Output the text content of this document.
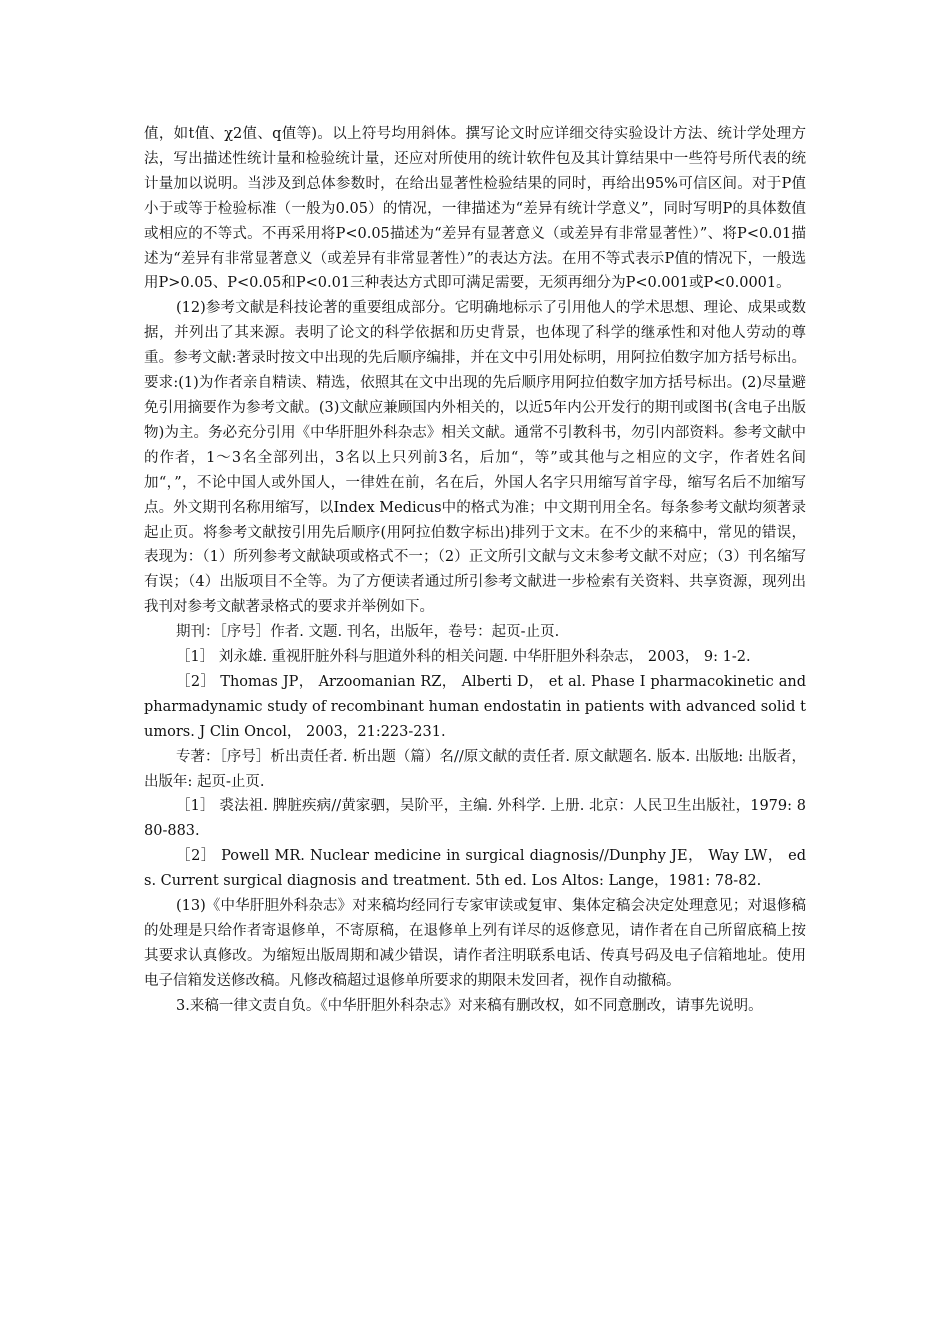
值，如t值、χ2值、q值等)。以上符号均用斜体。撰写论文时应详细交待实验设计方法、统计学处理方法，写出描述性统计量和检验统计量，还应对所使用的统计软件包及其计算结果中一些符号所代表的统计量加以说明。当涉及到总体参数时，在给出显著性检验结果的同时，再给出95%可信区间。对于P值小于或等于检验标准（一般为0.05）的情况，一律描述为“差异有统计学意义”，同时写明P的具体数值或相应的不等式。不再采用将P<0.05描述为“差异有显著意义（或差异有非常显著性）”、将P<0.01描述为“差异有非常显著意义（或差异有非常显著性）”的表达方法。在用不等式表示P值的情况下，一般选用P>0.05、P<0.05和P<0.01三种表达方式即可满足需要，无须再细分为P<0.001或P<0.0001。

(12)参考文献是科技论著的重要组成部分。它明确地标示了引用他人的学术思想、理论、成果或数据，并列出了其来源。表明了论文的科学依据和历史背景，也体现了科学的继承性和对他人劳动的尊重。参考文献:著录时按文中出现的先后顺序编排，并在文中引用处标明，用阿拉伯数字加方括号标出。要求:(1)为作者亲自精读、精选，依照其在文中出现的先后顺序用阿拉伯数字加方括号标出。(2)尽量避免引用摘要作为参考文献。(3)文献应兼顾国内外相关的，以近5年内公开发行的期刊或图书(含电子出版物)为主。务必充分引用《中华肝胆外科杂志》相关文献。通常不引教科书，勿引内部资料。参考文献中的作者，1～3名全部列出，3名以上只列前3名，后加“，等”或其他与之相应的文字，作者姓名间加“，”，不论中国人或外国人，一律姓在前，名在后，外国人名字只用缩写首字母，缩写名后不加缩写点。外文期刊名称用缩写，以Index Medicus中的格式为准；中文期刊用全名。每条参考文献均须著录起止页。将参考文献按引用先后顺序(用阿拉伯数字标出)排列于文末。在不少的来稿中，常见的错误，表现为：（1）所列参考文献缺项或格式不一；（2）正文所引文献与文末参考文献不对应；（3）刊名缩写有误；（4）出版项目不全等。为了方便读者通过所引参考文献进一步检索有关资料、共享资源，现列出我刊对参考文献著录格式的要求并举例如下。

期刊：［序号］作者. 文题. 刊名，出版年，卷号：起页-止页.

［1］ 刘永雄. 重视肝脏外科与胆道外科的相关问题. 中华肝胆外科杂志， 2003， 9: 1-2.

［2］ Thomas JP， Arzoomanian RZ， Alberti D， et al. Phase I pharmacokinetic and pharmadynamic study of recombinant human endostatin in patients with advanced solid tumors. J Clin Oncol， 2003，21:223-231.

专著：［序号］析出责任者. 析出题（篇）名//原文献的责任者. 原文献题名. 版本. 出版地: 出版者，出版年: 起页-止页.

［1］ 裘法祖. 脾脏疾病//黄家驷，吴阶平，主编. 外科学. 上册. 北京：人民卫生出版社，1979: 880-883.

［2］ Powell MR. Nuclear medicine in surgical diagnosis//Dunphy JE， Way LW， eds. Current surgical diagnosis and treatment. 5th ed. Los Altos: Lange，1981: 78-82.

(13)《中华肝胆外科杂志》对来稿均经同行专家审读或复审、集体定稿会决定处理意见；对退修稿的处理是只给作者寄退修单，不寄原稿，在退修单上列有详尽的返修意见，请作者在自己所留底稿上按其要求认真修改。为缩短出版周期和减少错误，请作者注明联系电话、传真号码及电子信箱地址。使用电子信箱发送修改稿。凡修改稿超过退修单所要求的期限未发回者，视作自动撤稿。

3.来稿一律文责自负。《中华肝胆外科杂志》对来稿有删改权，如不同意删改，请事先说明。
